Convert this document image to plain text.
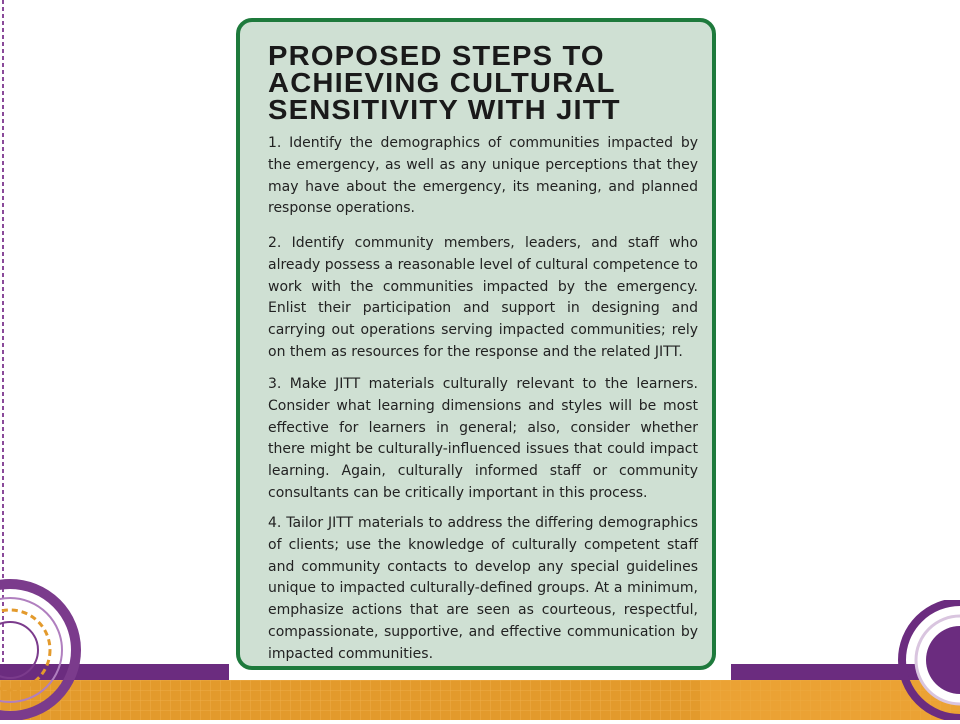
PROPOSED STEPS TO
ACHIEVING CULTURAL
SENSITIVITY WITH JITT

1. Identify the demographics of communities impacted by the emergency, as well as any unique perceptions that they may have about the emergency, its meaning, and planned response operations.

2. Identify community members, leaders, and staff who already possess a reasonable level of cultural competence to work with the communities impacted by the emergency. Enlist their participation and support in designing and carrying out operations serving impacted communities; rely on them as resources for the response and the related JITT.

3. Make JITT materials culturally relevant to the learners. Consider what learning dimensions and styles will be most effective for learners in general; also, consider whether there might be culturally-influenced issues that could impact learning. Again, culturally informed staff or community consultants can be critically important in this process.

4. Tailor JITT materials to address the differing demographics of clients; use the knowledge of culturally competent staff and community contacts to develop any special guidelines unique to impacted culturally-defined groups. At a minimum, emphasize actions that are seen as courteous, respectful, compassionate, supportive, and effective communication by impacted communities.
